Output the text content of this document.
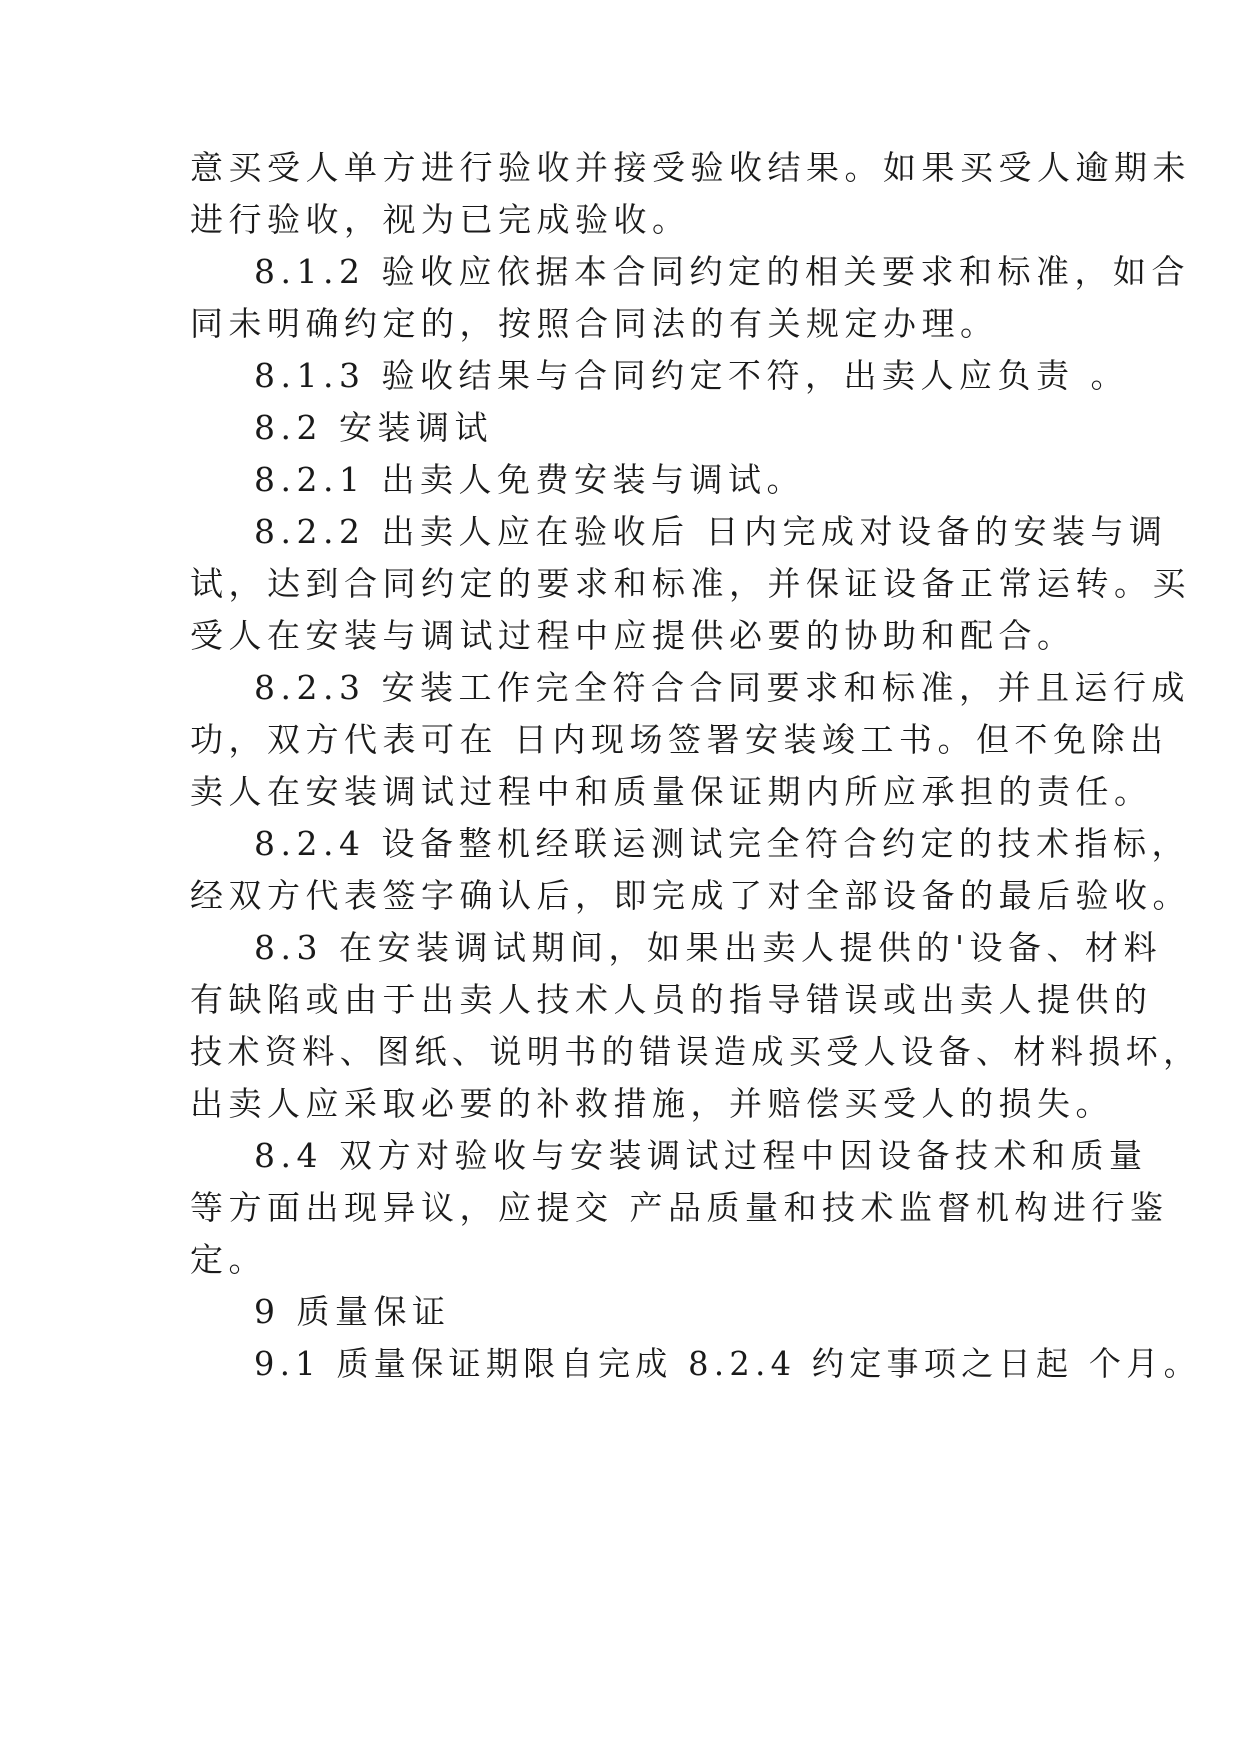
意买受人单方进行验收并接受验收结果。如果买受人逾期未
进行验收，视为已完成验收。
8.1.2 验收应依据本合同约定的相关要求和标准，如合
同未明确约定的，按照合同法的有关规定办理。
8.1.3 验收结果与合同约定不符，出卖人应负责 。
8.2 安装调试
8.2.1 出卖人免费安装与调试。
8.2.2 出卖人应在验收后 日内完成对设备的安装与调
试，达到合同约定的要求和标准，并保证设备正常运转。买
受人在安装与调试过程中应提供必要的协助和配合。
8.2.3 安装工作完全符合合同要求和标准，并且运行成
功，双方代表可在 日内现场签署安装竣工书。但不免除出
卖人在安装调试过程中和质量保证期内所应承担的责任。
8.2.4 设备整机经联运测试完全符合约定的技术指标，
经双方代表签字确认后，即完成了对全部设备的最后验收。
8.3 在安装调试期间，如果出卖人提供的'设备、材料
有缺陷或由于出卖人技术人员的指导错误或出卖人提供的
技术资料、图纸、说明书的错误造成买受人设备、材料损坏，
出卖人应采取必要的补救措施，并赔偿买受人的损失。
8.4 双方对验收与安装调试过程中因设备技术和质量
等方面出现异议，应提交 产品质量和技术监督机构进行鉴
定。
9 质量保证
9.1 质量保证期限自完成 8.2.4 约定事项之日起 个月。
